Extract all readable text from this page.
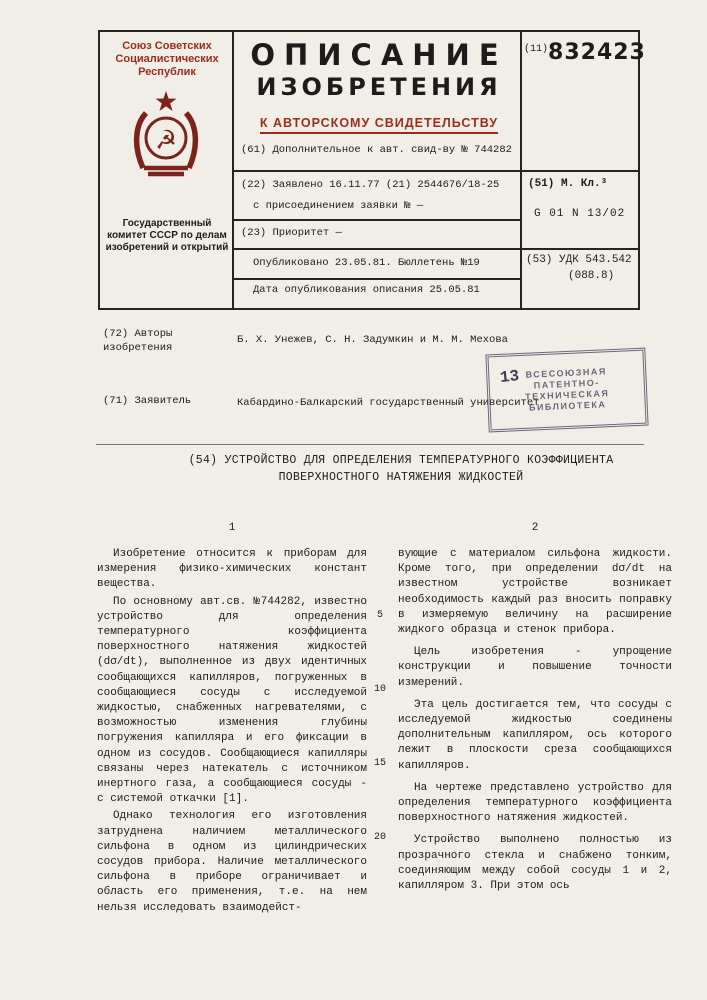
Союз Советских Социалистических Республик
☭
Государственный комитет СССР по делам изобретений и открытий
ОПИСАНИЕ
ИЗОБРЕТЕНИЯ
К АВТОРСКОМУ СВИДЕТЕЛЬСТВУ
(61) Дополнительное к авт. свид-ву № 744282
(22) Заявлено 16.11.77 (21) 2544676/18-25
с присоединением заявки № —
(23) Приоритет —
Опубликовано 23.05.81. Бюллетень №19
Дата опубликования описания 25.05.81
$^{(11)}$832423
(51) М. Кл.³
G 01 N 13/02
(53) УДК 543.542
(088.8)
(72) Авторы изобретения
Б. Х. Унежев, С. Н. Задумкин и М. М. Мехова
(71) Заявитель	Кабардино-Балкарский государственный университет
13 ВСЕСОЮЗНАЯ
ПАТЕНТНО-
ТЕХНИЧЕСКАЯ
БИБЛИОТЕКА
(54) УСТРОЙСТВО ДЛЯ ОПРЕДЕЛЕНИЯ ТЕМПЕРАТУРНОГО КОЭФФИЦИЕНТА ПОВЕРХНОСТНОГО НАТЯЖЕНИЯ ЖИДКОСТЕЙ
1	2

Изобретение относится к приборам для измерения физико-химических констант вещества.

По основному авт.св. №744282, известно устройство для определения температурного коэффициента поверхностного натяжения жидкостей (dσ/dt), выполненное из двух идентичных сообщающихся капилляров, погруженных в сообщающиеся сосуды с исследуемой жидкостью, снабженных нагревателями, с возможностью изменения глубины погружения капилляра и его фиксации в одном из сосудов. Сообщающиеся капилляры связаны через натекатель с источником инертного газа, а сообщающиеся сосуды - с системой откачки [1].

Однако технология его изготовления затруднена наличием металлического сильфона в одном из цилиндрических сосудов прибора. Наличие металлического сильфона в приборе ограничивает и область его применения, т.е. на нем нельзя исследовать взаимодейст-

вующие с материалом сильфона жидкости. Кроме того, при определении dσ/dt на известном устройстве возникает необходимость каждый раз вносить поправку в измеряемую величину на расширение жидкого образца и стенок прибора.

Цель изобретения - упрощение конструкции и повышение точности измерений.

Эта цель достигается тем, что сосуды с исследуемой жидкостью соединены дополнительным капилляром, ось которого лежит в плоскости среза сообщающихся капилляров.

На чертеже представлено устройство для определения температурного коэффициента поверхностного натяжения жидкостей.

Устройство выполнено полностью из прозрачного стекла и снабжено тонким, соединяющим между собой сосуды 1 и 2, капилляром 3. При этом ось

5
10
15
20
